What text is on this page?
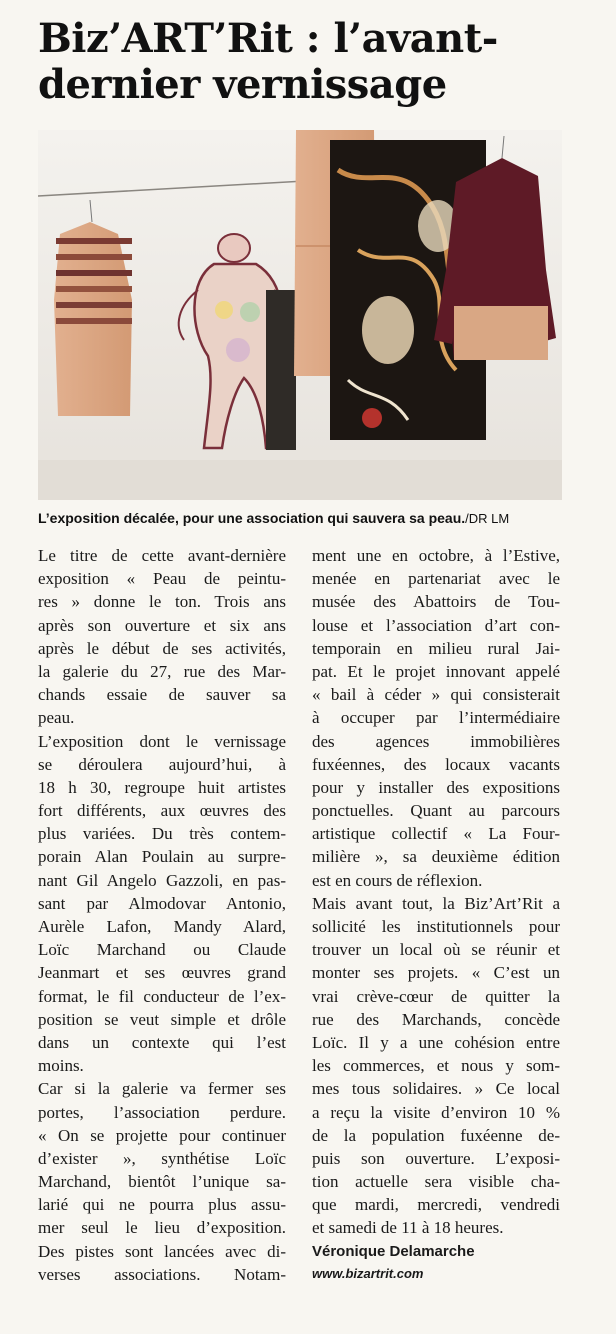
Biz’ART’Rit : l’avant-
dernier vernissage
L’exposition décalée, pour une association qui sauvera sa peau./DR LM
Le titre de cette avant-dernière
exposition « Peau de peintu-
res » donne le ton. Trois ans
après son ouverture et six ans
après le début de ses activités,
la galerie du 27, rue des Mar-
chands essaie de sauver sa
peau.
L’exposition dont le vernissage
se déroulera aujourd’hui, à
18 h 30, regroupe huit artistes
fort différents, aux œuvres des
plus variées. Du très contem-
porain Alan Poulain au surpre-
nant Gil Angelo Gazzoli, en pas-
sant par Almodovar Antonio,
Aurèle Lafon, Mandy Alard,
Loïc Marchand ou Claude
Jeanmart et ses œuvres grand
format, le fil conducteur de l’ex-
position se veut simple et drôle
dans un contexte qui l’est
moins.
Car si la galerie va fermer ses
portes, l’association perdure.
« On se projette pour continuer
d’exister », synthétise Loïc
Marchand, bientôt l’unique sa-
larié qui ne pourra plus assu-
mer seul le lieu d’exposition.
Des pistes sont lancées avec di-
verses associations. Notam-
ment une en octobre, à l’Estive,
menée en partenariat avec le
musée des Abattoirs de Tou-
louse et l’association d’art con-
temporain en milieu rural Jai-
pat. Et le projet innovant appelé
« bail à céder » qui consisterait
à occuper par l’intermédiaire
des agences immobilières
fuxéennes, des locaux vacants
pour y installer des expositions
ponctuelles. Quant au parcours
artistique collectif « La Four-
milière », sa deuxième édition
est en cours de réflexion.
Mais avant tout, la Biz’Art’Rit a
sollicité les institutionnels pour
trouver un local où se réunir et
monter ses projets. « C’est un
vrai crève-cœur de quitter la
rue des Marchands, concède
Loïc. Il y a une cohésion entre
les commerces, et nous y som-
mes tous solidaires. » Ce local
a reçu la visite d’environ 10 %
de la population fuxéenne de-
puis son ouverture. L’exposi-
tion actuelle sera visible cha-
que mardi, mercredi, vendredi
et samedi de 11 à 18 heures.
Véronique Delamarche
www.bizartrit.com
